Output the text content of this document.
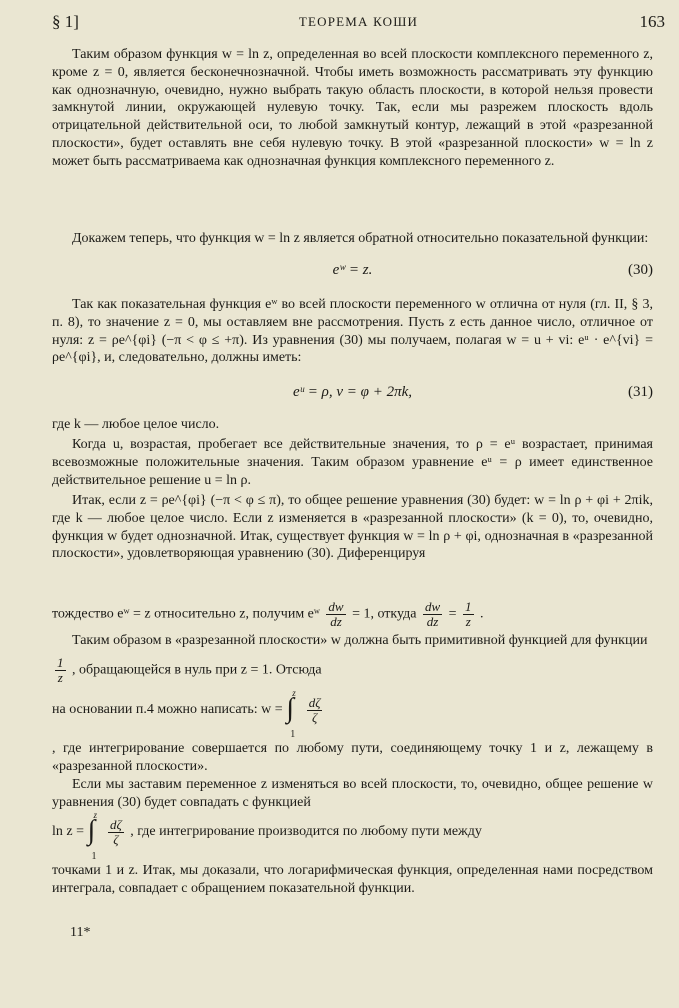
§ 1]	ТЕОРЕМА КОШИ	163

Таким образом функция w = ln z, определенная во всей плоскости комплексного переменного z, кроме z = 0, является бесконечнозначной. Чтобы иметь возможность рассматривать эту функцию как однозначную, очевидно, нужно выбрать такую область плоскости, в которой нельзя провести замкнутой линии, окружающей нулевую точку. Так, если мы разрежем плоскость вдоль отрицательной действительной оси, то любой замкнутый контур, лежащий в этой «разрезанной плоскости», будет оставлять вне себя нулевую точку. В этой «разрезанной плоскости» w = ln z может быть рассматриваема как однозначная функция комплексного переменного z.

Докажем теперь, что функция w = ln z является обратной относительно показательной функции:

eʷ = z.	(30)

Так как показательная функция eʷ во всей плоскости переменного w отлична от нуля (гл. II, § 3, п. 8), то значение z = 0, мы оставляем вне рассмотрения. Пусть z есть данное число, отличное от нуля: z = ρe^{φi} (−π < φ ≤ +π). Из уравнения (30) мы получаем, полагая w = u + vi: eᵘ · e^{vi} = ρe^{φi}, и, следовательно, должны иметь:

eᵘ = ρ, v = φ + 2πk,	(31)

где k — любое целое число.

Когда u, возрастая, пробегает все действительные значения, то ρ = eᵘ возрастает, принимая всевозможные положительные значения. Таким образом уравнение eᵘ = ρ имеет единственное действительное решение u = ln ρ.

Итак, если z = ρe^{φi} (−π < φ ≤ π), то общее решение уравнения (30) будет: w = ln ρ + φi + 2πik, где k — любое целое число. Если z изменяется в «разрезанной плоскости» (k = 0), то, очевидно, функция w будет однозначной. Итак, существует функция w = ln ρ + φi, однозначная в «разрезанной плоскости», удовлетворяющая уравнению (30). Диференцируя

тождество eʷ = z относительно z, получим eʷ $\frac{dw}{dz} = 1$, откуда $\frac{dw}{dz} = \frac{1}{z}$ .
Таким образом в «разрезанной плоскости» w должна быть примитивной функцией для функции
$\frac{1}{z}$ , обращающейся в нуль при z = 1. Отсюда
на основании п.4 можно написать: w =
z
∫
1

$\frac{d\zeta}{\zeta}$

, где интегрирование совершается по любому пути, соединяющему точку 1 и z, лежащему в «разрезанной плоскости».

Если мы заставим переменное z изменяться во всей плоскости, то, очевидно, общее решение w уравнения (30) будет совпадать с функцией

ln z =
z
∫
1

$\frac{d\zeta}{\zeta}$ , где интегрирование производится по любому пути между

точками 1 и z. Итак, мы доказали, что логарифмическая функция, определенная нами посредством интеграла, совпадает с обращением показательной функции.

11*
